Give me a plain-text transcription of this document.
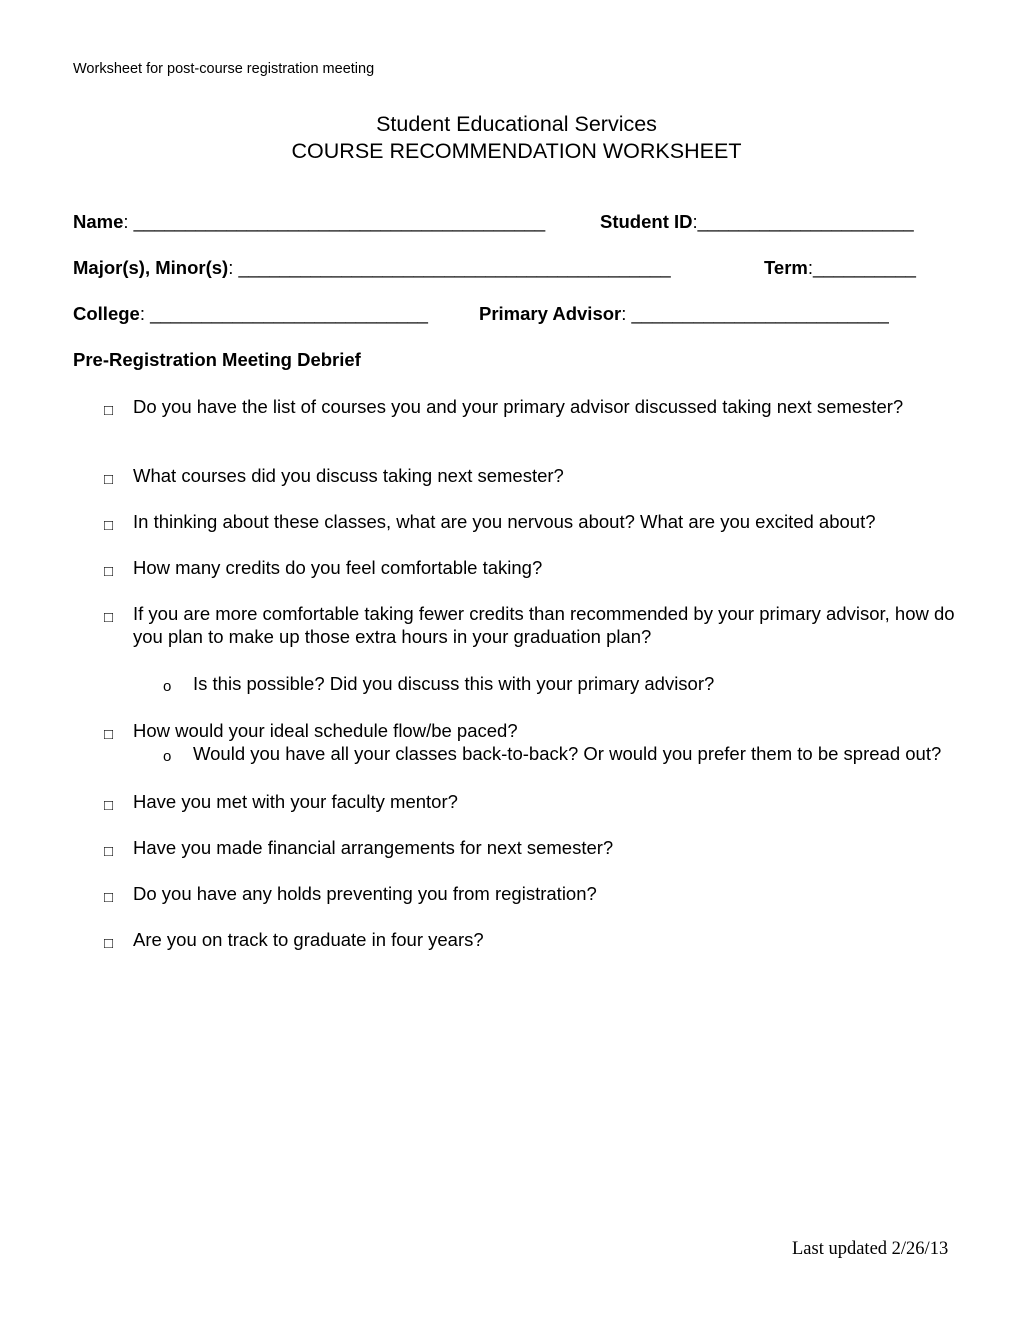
Worksheet for post-course registration meeting
Student Educational Services
COURSE RECOMMENDATION WORKSHEET
Name: ________________________________________	Student ID:_____________________
Major(s), Minor(s): __________________________________________	Term:__________
College: ___________________________	Primary Advisor: _________________________
Pre-Registration Meeting Debrief
□ Do you have the list of courses you and your primary advisor discussed taking next semester?
□ What courses did you discuss taking next semester?
□ In thinking about these classes, what are you nervous about? What are you excited about?
□ How many credits do you feel comfortable taking?
□ If you are more comfortable taking fewer credits than recommended by your primary advisor, how do you plan to make up those extra hours in your graduation plan?
o Is this possible? Did you discuss this with your primary advisor?
□ How would your ideal schedule flow/be paced?
o Would you have all your classes back-to-back? Or would you prefer them to be spread out?
□ Have you met with your faculty mentor?
□ Have you made financial arrangements for next semester?
□ Do you have any holds preventing you from registration?
□ Are you on track to graduate in four years?
Last updated 2/26/13
